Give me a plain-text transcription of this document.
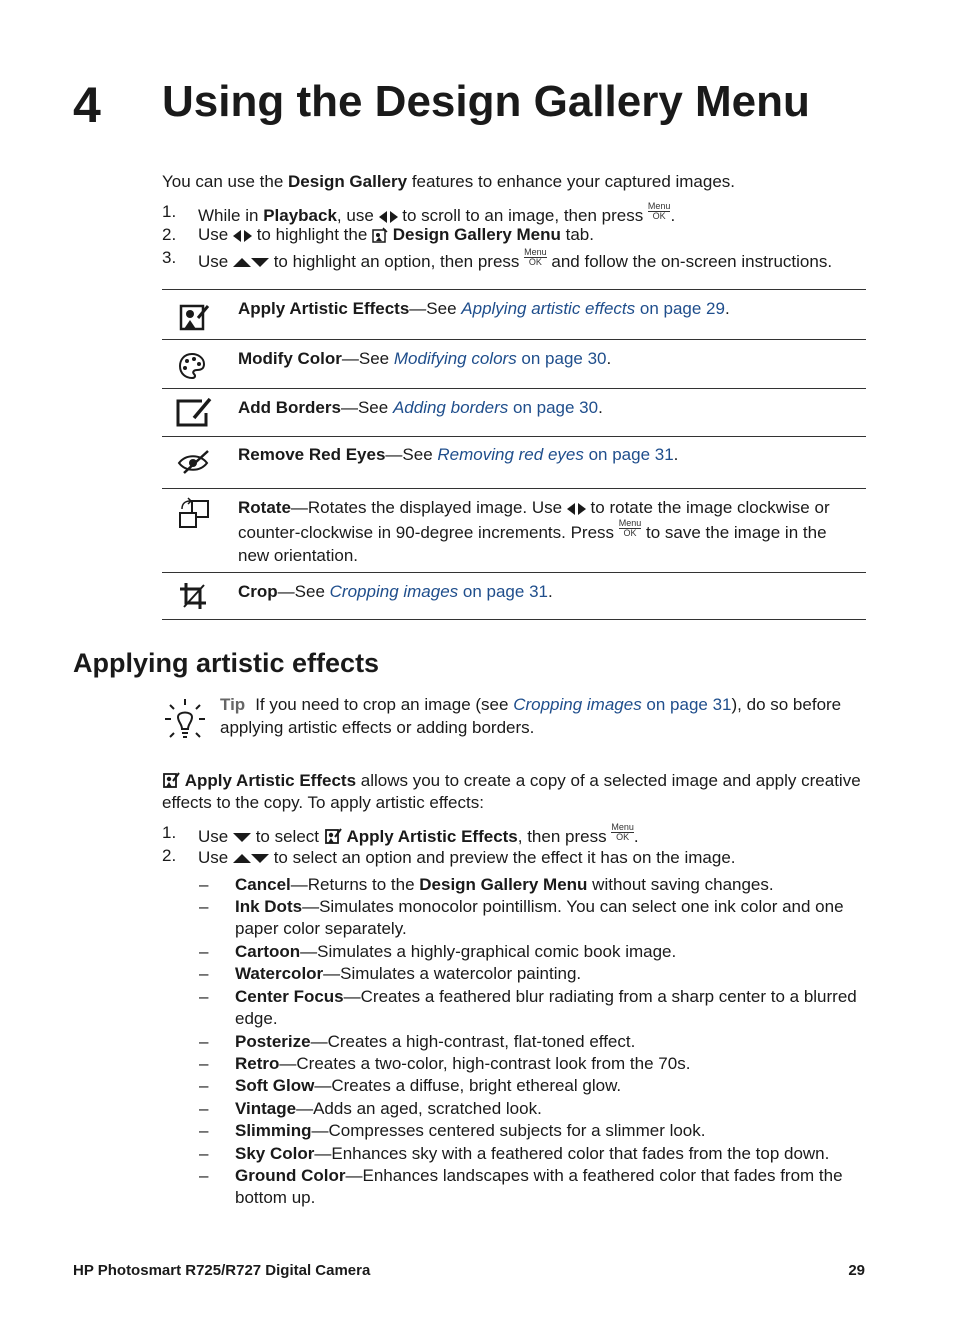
4 Using the Design Gallery Menu
You can use the Design Gallery features to enhance your captured images.
1. While in Playback, use  to scroll to an image, then press Menu
OK .
2. Use  to highlight the  Design Gallery Menu tab.
3. Use  to highlight an option, then press Menu
OK and follow the on-screen instructions.
Apply Artistic Effects—See Applying artistic effects on page 29.
Modify Color—See Modifying colors on page 30.
Add Borders—See Adding borders on page 30.
Remove Red Eyes—See Removing red eyes on page 31.
Rotate—Rotates the displayed image. Use  to rotate the image clockwise or counter-clockwise in 90-degree increments. Press Menu
OK to save the image in the new orientation.
Crop—See Cropping images on page 31.
Applying artistic effects
Tip If you need to crop an image (see Cropping images on page 31), do so before applying artistic effects or adding borders.
Apply Artistic Effects allows you to create a copy of a selected image and apply creative effects to the copy. To apply artistic effects:
1. Use  to select  Apply Artistic Effects, then press Menu
OK .
2. Use  to select an option and preview the effect it has on the image.
– Cancel—Returns to the Design Gallery Menu without saving changes.
– Ink Dots—Simulates monocolor pointillism. You can select one ink color and one paper color separately.
– Cartoon—Simulates a highly-graphical comic book image.
– Watercolor—Simulates a watercolor painting.
– Center Focus—Creates a feathered blur radiating from a sharp center to a blurred edge.
– Posterize—Creates a high-contrast, flat-toned effect.
– Retro—Creates a two-color, high-contrast look from the 70s.
– Soft Glow—Creates a diffuse, bright ethereal glow.
– Vintage—Adds an aged, scratched look.
– Slimming—Compresses centered subjects for a slimmer look.
– Sky Color—Enhances sky with a feathered color that fades from the top down.
– Ground Color—Enhances landscapes with a feathered color that fades from the bottom up.
HP Photosmart R725/R727 Digital Camera	29
